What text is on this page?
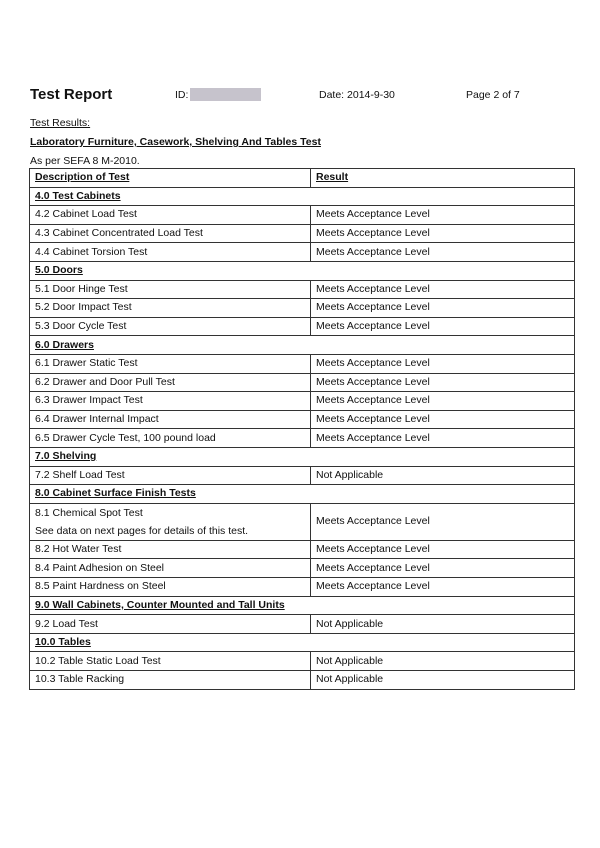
Test Report	ID:	Date: 2014-9-30	Page 2 of 7
Test Results:
Laboratory Furniture, Casework, Shelving And Tables Test
As per SEFA 8 M-2010.
Description of Test	Result
4.0 Test Cabinets	
4.2 Cabinet Load Test	Meets Acceptance Level
4.3 Cabinet Concentrated Load Test	Meets Acceptance Level
4.4 Cabinet Torsion Test	Meets Acceptance Level
5.0 Doors	
5.1 Door Hinge Test	Meets Acceptance Level
5.2 Door Impact Test	Meets Acceptance Level
5.3 Door Cycle Test	Meets Acceptance Level
6.0 Drawers	
6.1 Drawer Static Test	Meets Acceptance Level
6.2 Drawer and Door Pull Test	Meets Acceptance Level
6.3 Drawer Impact Test	Meets Acceptance Level
6.4 Drawer Internal Impact	Meets Acceptance Level
6.5 Drawer Cycle Test, 100 pound load	Meets Acceptance Level
7.0 Shelving	
7.2 Shelf Load Test	Not Applicable
8.0 Cabinet Surface Finish Tests	

8.1 Chemical Spot Test
See data on next pages for details of this test.	Meets Acceptance Level
8.2 Hot Water Test	Meets Acceptance Level
8.4 Paint Adhesion on Steel	Meets Acceptance Level
8.5 Paint Hardness on Steel	Meets Acceptance Level
9.0 Wall Cabinets, Counter Mounted and Tall Units	
9.2 Load Test	Not Applicable
10.0 Tables	
10.2 Table Static Load Test	Not Applicable
10.3 Table Racking	Not Applicable
